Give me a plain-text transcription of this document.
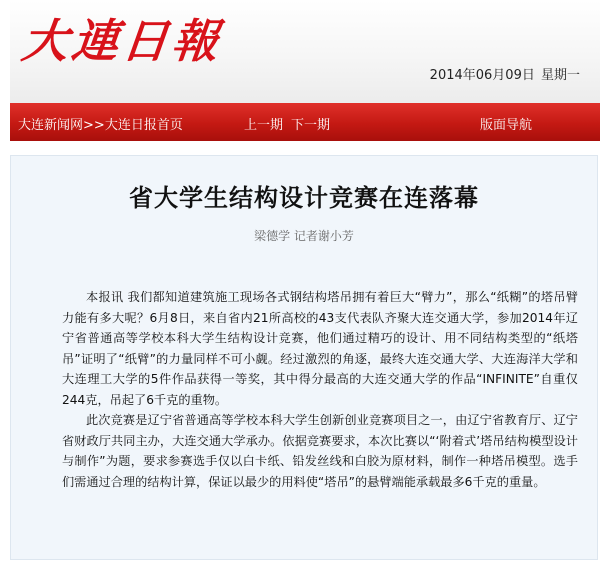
大連日報
2014年06月09日 星期一
大连新闻网>>大连日报首页	上一期 下一期	版面导航
省大学生结构设计竞赛在连落幕
梁德学 记者谢小芳

本报讯 我们都知道建筑施工现场各式钢结构塔吊拥有着巨大“臂力”，那么“纸糊”的塔吊臂力能有多大呢？6月8日，来自省内21所高校的43支代表队齐聚大连交通大学，参加2014年辽宁省普通高等学校本科大学生结构设计竞赛，他们通过精巧的设计、用不同结构类型的“纸塔吊”证明了“纸臂”的力量同样不可小觑。经过激烈的角逐，最终大连交通大学、大连海洋大学和大连理工大学的5件作品获得一等奖，其中得分最高的大连交通大学的作品“INFINITE”自重仅244克，吊起了6千克的重物。

此次竞赛是辽宁省普通高等学校本科大学生创新创业竞赛项目之一，由辽宁省教育厅、辽宁省财政厅共同主办，大连交通大学承办。依据竞赛要求，本次比赛以“‘附着式’塔吊结构模型设计与制作”为题，要求参赛选手仅以白卡纸、铅发丝线和白胶为原材料，制作一种塔吊模型。选手们需通过合理的结构计算，保证以最少的用料使“塔吊”的悬臂端能承载最多6千克的重量。
